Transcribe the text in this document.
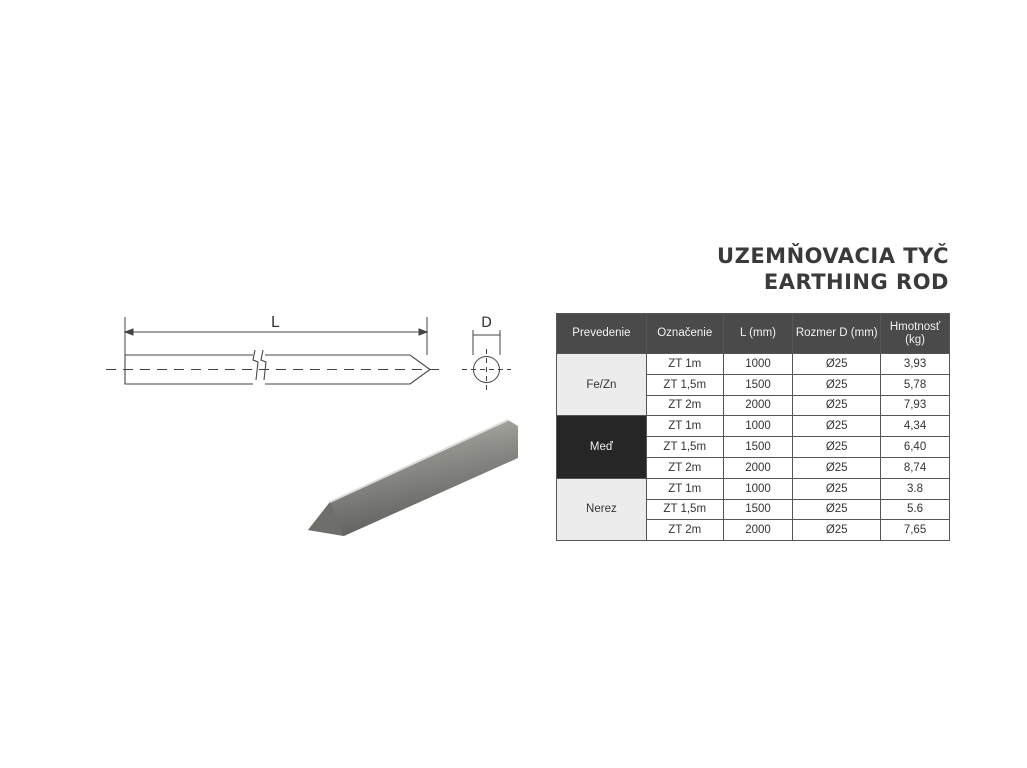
UZEMŇOVACIA TYČ
EARTHING ROD
L	D
Prevedenie	Označenie	L (mm)	Rozmer D (mm)	Hmotnosť (kg)
Fe/Zn	ZT 1m	1000	Ø25	3,93
	ZT 1,5m	1500	Ø25	5,78
	ZT 2m	2000	Ø25	7,93
Meď	ZT 1m	1000	Ø25	4,34
	ZT 1,5m	1500	Ø25	6,40
	ZT 2m	2000	Ø25	8,74
Nerez	ZT 1m	1000	Ø25	3.8
	ZT 1,5m	1500	Ø25	5.6
	ZT 2m	2000	Ø25	7,65
